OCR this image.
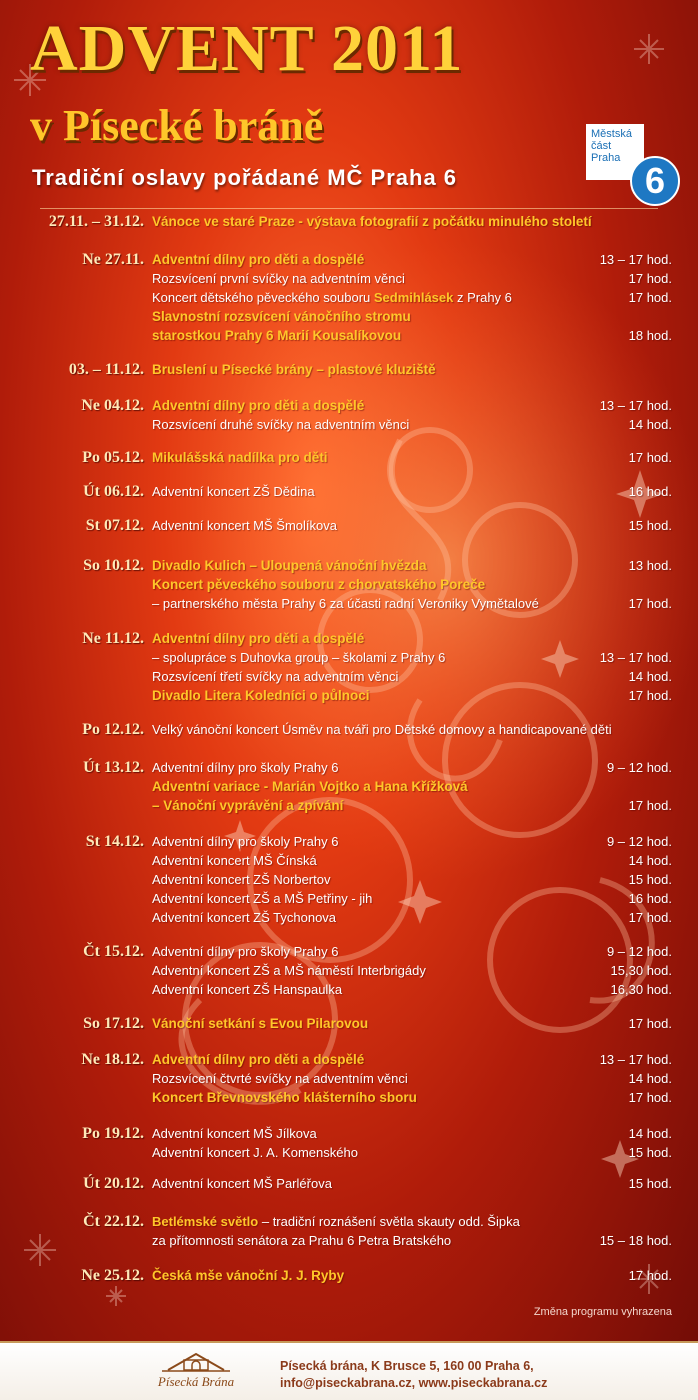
ADVENT 2011
v Písecké bráně
Tradiční oslavy pořádané MČ Praha 6
Městská
část
Praha
6
27.11. – 31.12. Vánoce ve staré Praze - výstava fotografií z počátku minulého století
Ne 27.11. Adventní dílny pro děti a dospělé	13 – 17 hod.
Rozsvícení první svíčky na adventním věnci	17 hod.
Koncert dětského pěveckého souboru Sedmihlásek z Prahy 6	17 hod.
Slavnostní rozsvícení vánočního stromu
starostkou Prahy 6 Marií Kousalíkovou	18 hod.
03. – 11.12. Bruslení u Písecké brány – plastové kluziště
Ne 04.12. Adventní dílny pro děti a dospělé	13 – 17 hod.
Rozsvícení druhé svíčky na adventním věnci	14 hod.
Po 05.12. Mikulášská nadílka pro děti	17 hod.
Út 06.12. Adventní koncert ZŠ Dědina	16 hod.
St 07.12. Adventní koncert MŠ Šmolíkova	15 hod.
So 10.12. Divadlo Kulich – Uloupená vánoční hvězda	13 hod.
Koncert pěveckého souboru z chorvatského Poreče
– partnerského města Prahy 6 za účasti radní Veroniky Vymětalové	17 hod.
Ne 11.12. Adventní dílny pro děti a dospělé
– spolupráce s Duhovka group – školami z Prahy 6	13 – 17 hod.
Rozsvícení třetí svíčky na adventním věnci	14 hod.
Divadlo Litera Koledníci o půlnoci	17 hod.
Po 12.12. Velký vánoční koncert Úsměv na tváři pro Dětské domovy a handicapované děti
Út 13.12. Adventní dílny pro školy Prahy 6	9 – 12 hod.
Adventní variace - Marián Vojtko a Hana Křížková
– Vánoční vyprávění a zpívání	17 hod.
St 14.12. Adventní dílny pro školy Prahy 6	9 – 12 hod.
Adventní koncert MŠ Čínská	14 hod.
Adventní koncert ZŠ Norbertov	15 hod.
Adventní koncert ZŠ a MŠ Petřiny - jih	16 hod.
Adventní koncert ZŠ Tychonova	17 hod.
Čt 15.12. Adventní dílny pro školy Prahy 6	9 – 12 hod.
Adventní koncert ZŠ a MŠ náměstí Interbrigády	15,30 hod.
Adventní koncert ZŠ Hanspaulka	16,30 hod.
So 17.12. Vánoční setkání s Evou Pilarovou	17 hod.
Ne 18.12. Adventní dílny pro děti a dospělé	13 – 17 hod.
Rozsvícení čtvrté svíčky na adventním věnci	14 hod.
Koncert Břevnovského klášterního sboru	17 hod.
Po 19.12. Adventní koncert MŠ Jílkova	14 hod.
Adventní koncert J. A. Komenského	15 hod.
Út 20.12. Adventní koncert MŠ Parléřova	15 hod.
Čt 22.12. Betlémské světlo – tradiční roznášení světla skauty odd. Šipka
za přítomnosti senátora za Prahu 6 Petra Bratského	15 – 18 hod.
Ne 25.12. Česká mše vánoční J. J. Ryby	17 hod.
Změna programu vyhrazena
Písecká Brána
Písecká brána, K Brusce 5, 160 00 Praha 6,
info@piseckabrana.cz, www.piseckabrana.cz
